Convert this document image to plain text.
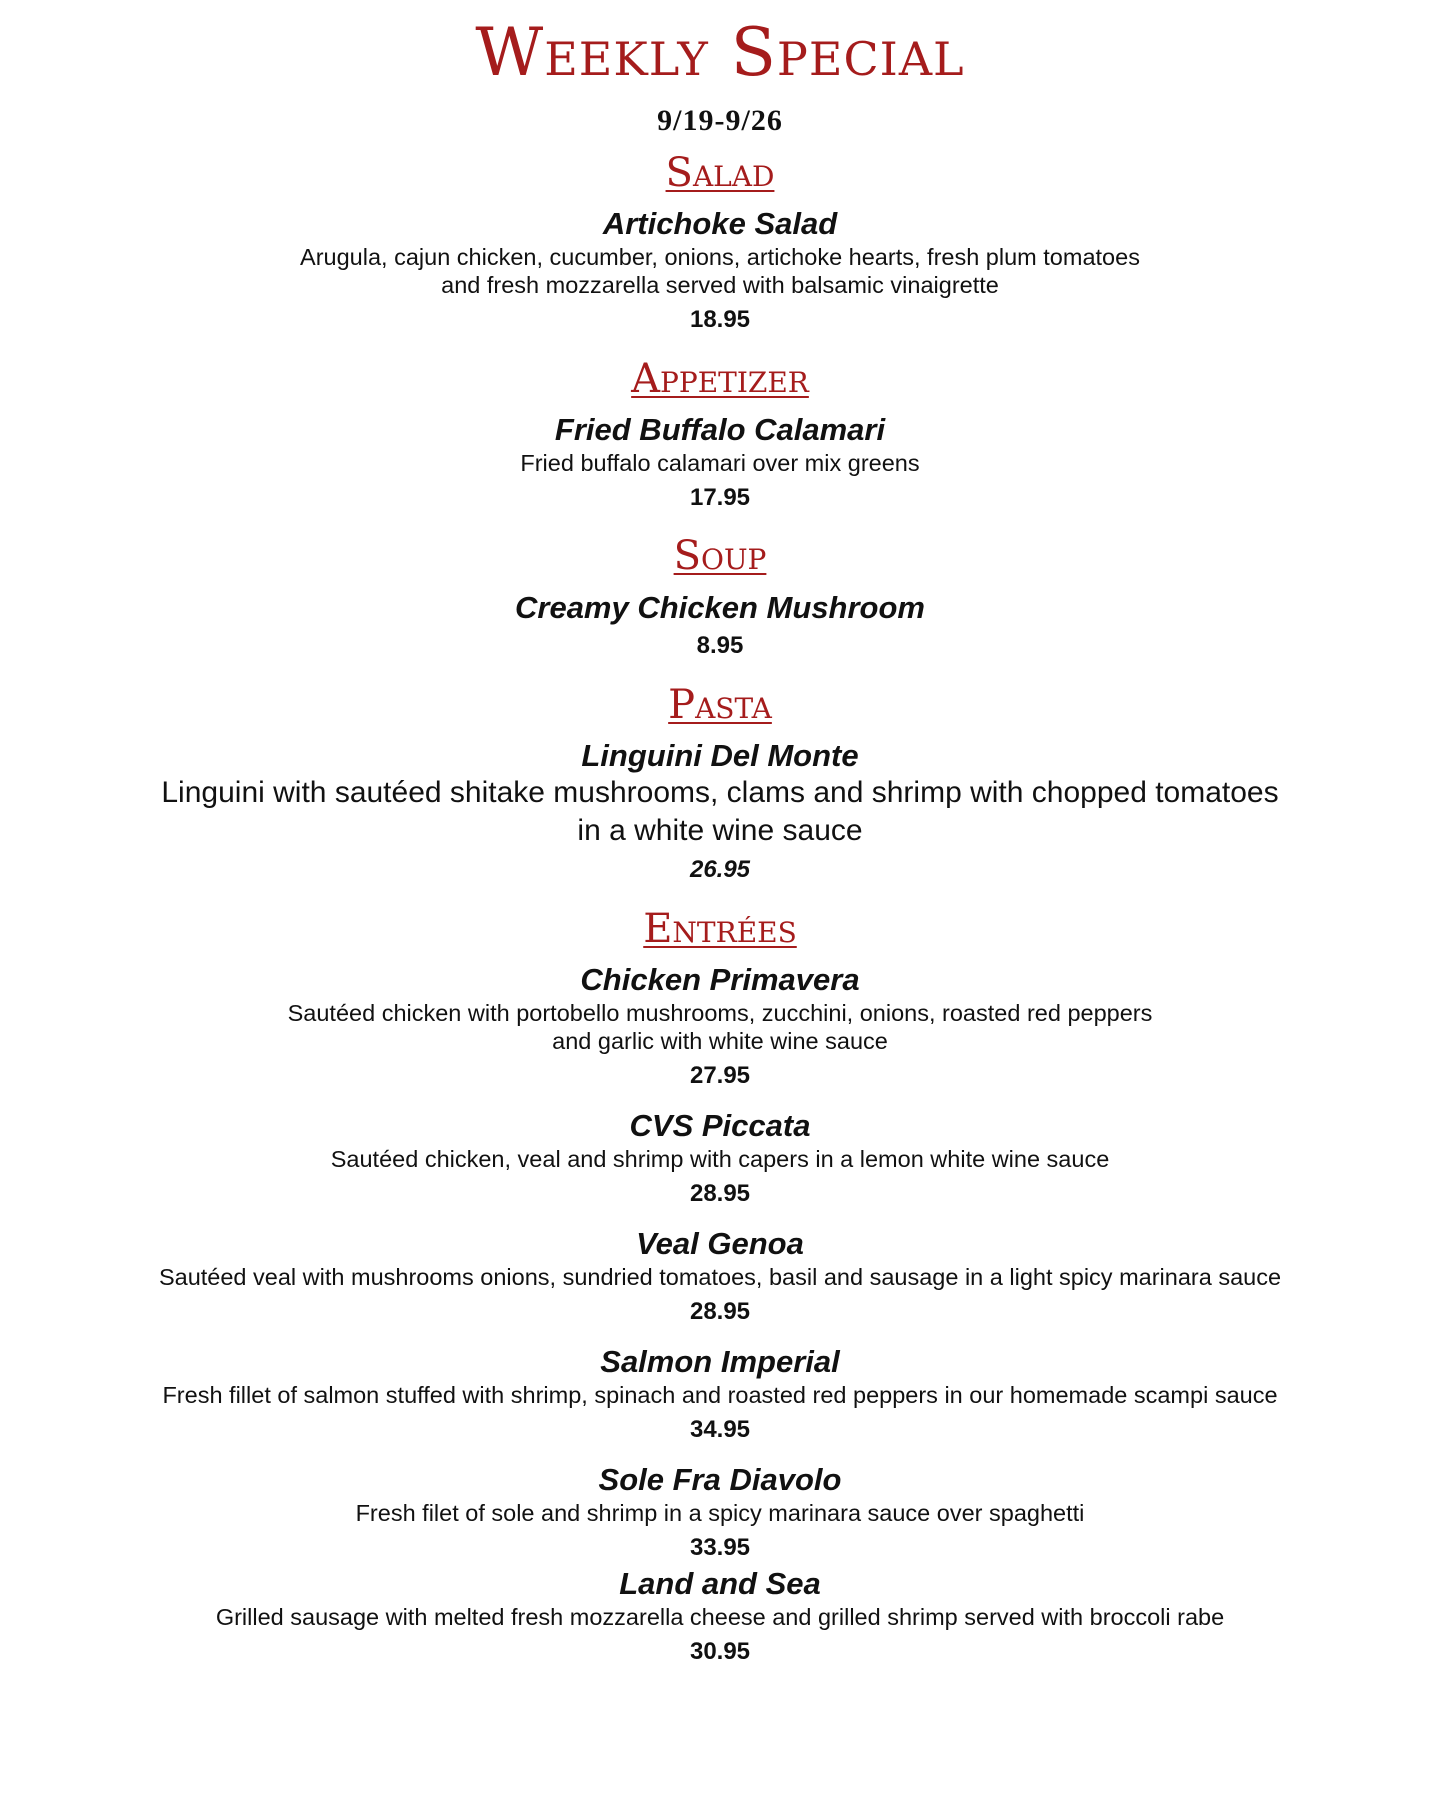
Weekly Special
9/19-9/26
Salad
Artichoke Salad
Arugula, cajun chicken, cucumber, onions, artichoke hearts, fresh plum tomatoes
and fresh mozzarella served with balsamic vinaigrette
18.95
Appetizer
Fried Buffalo Calamari
Fried buffalo calamari over mix greens
17.95
Soup
Creamy Chicken Mushroom
8.95
Pasta
Linguini Del Monte
Linguini with sautéed shitake mushrooms, clams and shrimp with chopped tomatoes
in a white wine sauce
26.95
Entrées
Chicken Primavera
Sautéed chicken with portobello mushrooms, zucchini, onions, roasted red peppers
and garlic with white wine sauce
27.95
CVS Piccata
Sautéed chicken, veal and shrimp with capers in a lemon white wine sauce
28.95
Veal Genoa
Sautéed veal with mushrooms onions, sundried tomatoes, basil and sausage in a light spicy marinara sauce
28.95
Salmon Imperial
Fresh fillet of salmon stuffed with shrimp, spinach and roasted red peppers in our homemade scampi sauce
34.95
Sole Fra Diavolo
Fresh filet of sole and shrimp in a spicy marinara sauce over spaghetti
33.95
Land and Sea
Grilled sausage with melted fresh mozzarella cheese and grilled shrimp served with broccoli rabe
30.95
